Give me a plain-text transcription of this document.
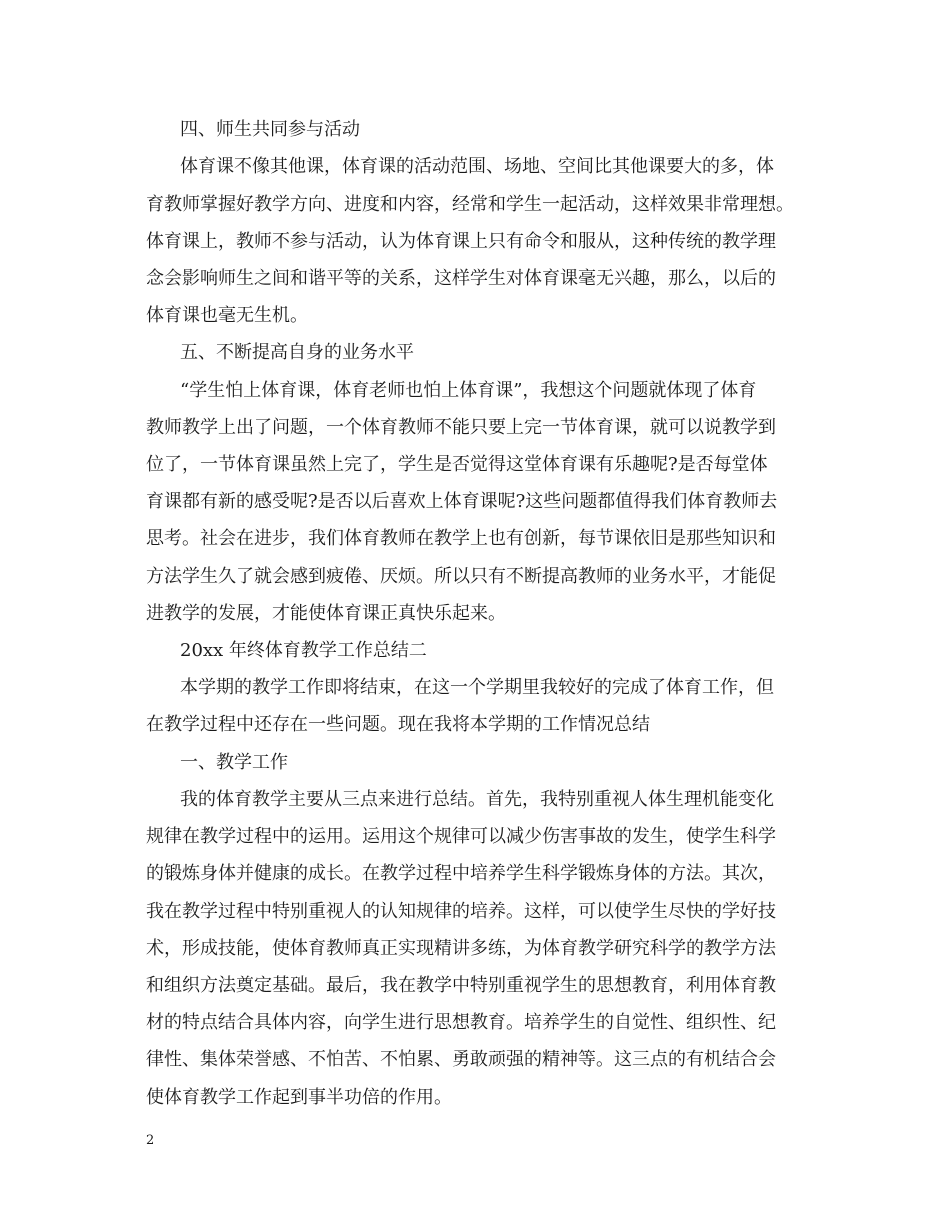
四、师生共同参与活动
体育课不像其他课，体育课的活动范围、场地、空间比其他课要大的多，体
育教师掌握好教学方向、进度和内容，经常和学生一起活动，这样效果非常理想。
体育课上，教师不参与活动，认为体育课上只有命令和服从，这种传统的教学理
念会影响师生之间和谐平等的关系，这样学生对体育课毫无兴趣，那么，以后的
体育课也毫无生机。
五、不断提高自身的业务水平
“学生怕上体育课，体育老师也怕上体育课”，我想这个问题就体现了体育
教师教学上出了问题，一个体育教师不能只要上完一节体育课，就可以说教学到
位了，一节体育课虽然上完了，学生是否觉得这堂体育课有乐趣呢?是否每堂体
育课都有新的感受呢?是否以后喜欢上体育课呢?这些问题都值得我们体育教师去
思考。社会在进步，我们体育教师在教学上也有创新，每节课依旧是那些知识和
方法学生久了就会感到疲倦、厌烦。所以只有不断提高教师的业务水平，才能促
进教学的发展，才能使体育课正真快乐起来。
20xx 年终体育教学工作总结二
本学期的教学工作即将结束，在这一个学期里我较好的完成了体育工作，但
在教学过程中还存在一些问题。现在我将本学期的工作情况总结
一、教学工作
我的体育教学主要从三点来进行总结。首先，我特别重视人体生理机能变化
规律在教学过程中的运用。运用这个规律可以减少伤害事故的发生，使学生科学
的锻炼身体并健康的成长。在教学过程中培养学生科学锻炼身体的方法。其次，
我在教学过程中特别重视人的认知规律的培养。这样，可以使学生尽快的学好技
术，形成技能，使体育教师真正实现精讲多练，为体育教学研究科学的教学方法
和组织方法奠定基础。最后，我在教学中特别重视学生的思想教育，利用体育教
材的特点结合具体内容，向学生进行思想教育。培养学生的自觉性、组织性、纪
律性、集体荣誉感、不怕苦、不怕累、勇敢顽强的精神等。这三点的有机结合会
使体育教学工作起到事半功倍的作用。
2
